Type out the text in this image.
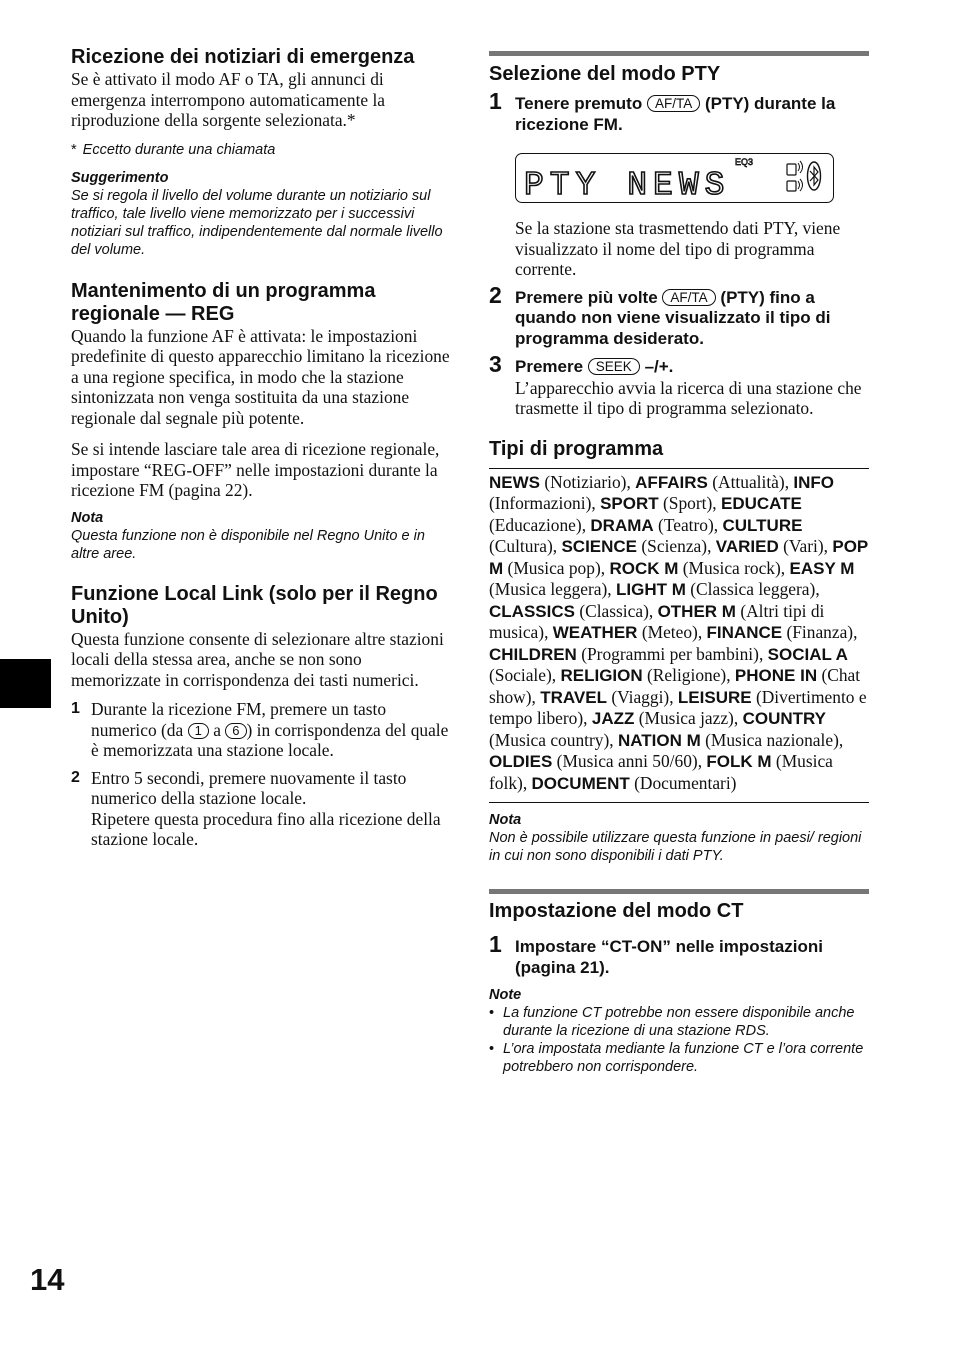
Ricezione dei notiziari di emergenza

Se è attivato il modo AF o TA, gli annunci di emergenza interrompono automaticamente la riproduzione della sorgente selezionata.*

* Eccetto durante una chiamata

Suggerimento

Se si regola il livello del volume durante un notiziario sul traffico, tale livello viene memorizzato per i successivi notiziari sul traffico, indipendentemente dal normale livello del volume.

Mantenimento di un programma regionale — REG

Quando la funzione AF è attivata: le impostazioni predefinite di questo apparecchio limitano la ricezione a una regione specifica, in modo che la stazione sintonizzata non venga sostituita da una stazione regionale dal segnale più potente.

Se si intende lasciare tale area di ricezione regionale, impostare “REG-OFF” nelle impostazioni durante la ricezione FM (pagina 22).

Nota

Questa funzione non è disponibile nel Regno Unito e in altre aree.

Funzione Local Link (solo per il Regno Unito)

Questa funzione consente di selezionare altre stazioni locali della stessa area, anche se non sono memorizzate in corrispondenza dei tasti numerici.

1 Durante la ricezione FM, premere un tasto numerico (da 1 a 6 ) in corrispondenza del quale è memorizzata una stazione locale.
2 Entro 5 secondi, premere nuovamente il tasto numerico della stazione locale.
Ripetere questa procedura fino alla ricezione della stazione locale.
Selezione del modo PTY
1 Tenere premuto AF/TA (PTY) durante la ricezione FM.
PTY NEWS
EQ3

Se la stazione sta trasmettendo dati PTY, viene visualizzato il nome del tipo di programma corrente.

2 Premere più volte AF/TA (PTY) fino a quando non viene visualizzato il tipo di programma desiderato.
3 Premere SEEK –/+.

L’apparecchio avvia la ricerca di una stazione che trasmette il tipo di programma selezionato.

Tipi di programma
NEWS (Notiziario), AFFAIRS (Attualità), INFO (Informazioni), SPORT (Sport), EDUCATE (Educazione), DRAMA (Teatro), CULTURE (Cultura), SCIENCE (Scienza), VARIED (Vari), POP M (Musica pop), ROCK M (Musica rock), EASY M (Musica leggera), LIGHT M (Classica leggera), CLASSICS (Classica), OTHER M (Altri tipi di musica), WEATHER (Meteo), FINANCE (Finanza), CHILDREN (Programmi per bambini), SOCIAL A (Sociale), RELIGION (Religione), PHONE IN (Chat show), TRAVEL (Viaggi), LEISURE (Divertimento e tempo libero), JAZZ (Musica jazz), COUNTRY (Musica country), NATION M (Musica nazionale), OLDIES (Musica anni 50/60), FOLK M (Musica folk), DOCUMENT (Documentari)

Nota

Non è possibile utilizzare questa funzione in paesi/ regioni in cui non sono disponibili i dati PTY.

Impostazione del modo CT
1 Impostare “CT-ON” nelle impostazioni (pagina 21).

Note

• La funzione CT potrebbe non essere disponibile anche durante la ricezione di una stazione RDS.
• L’ora impostata mediante la funzione CT e l’ora corrente potrebbero non corrispondere.
14
